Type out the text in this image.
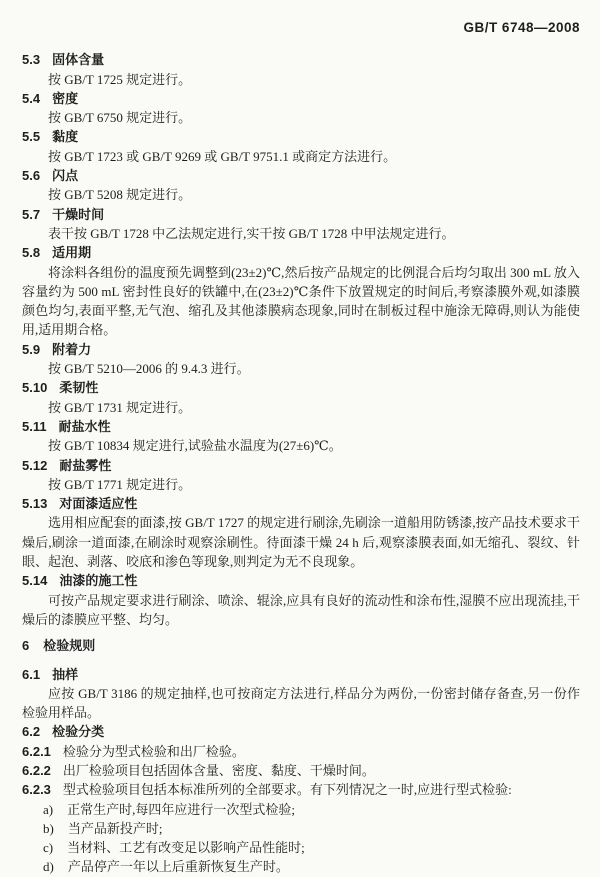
GB/T 6748—2008
5.3 固体含量

按 GB/T 1725 规定进行。

5.4 密度

按 GB/T 6750 规定进行。

5.5 黏度

按 GB/T 1723 或 GB/T 9269 或 GB/T 9751.1 或商定方法进行。

5.6 闪点

按 GB/T 5208 规定进行。

5.7 干燥时间

表干按 GB/T 1728 中乙法规定进行,实干按 GB/T 1728 中甲法规定进行。

5.8 适用期

将涂料各组份的温度预先调整到(23±2)℃,然后按产品规定的比例混合后均匀取出 300 mL 放入容量约为 500 mL 密封性良好的铁罐中,在(23±2)℃条件下放置规定的时间后,考察漆膜外观,如漆膜颜色均匀,表面平整,无气泡、缩孔及其他漆膜病态现象,同时在制板过程中施涂无障碍,则认为能使用,适用期合格。

5.9 附着力

按 GB/T 5210—2006 的 9.4.3 进行。

5.10 柔韧性

按 GB/T 1731 规定进行。

5.11 耐盐水性

按 GB/T 10834 规定进行,试验盐水温度为(27±6)℃。

5.12 耐盐雾性

按 GB/T 1771 规定进行。

5.13 对面漆适应性

选用相应配套的面漆,按 GB/T 1727 的规定进行刷涂,先刷涂一道船用防锈漆,按产品技术要求干燥后,刷涂一道面漆,在刷涂时观察涂刷性。待面漆干燥 24 h 后,观察漆膜表面,如无缩孔、裂纹、针眼、起泡、剥落、咬底和渗色等现象,则判定为无不良现象。

5.14 油漆的施工性

可按产品规定要求进行刷涂、喷涂、辊涂,应具有良好的流动性和涂布性,湿膜不应出现流挂,干燥后的漆膜应平整、均匀。

6 检验规则
6.1 抽样

应按 GB/T 3186 的规定抽样,也可按商定方法进行,样品分为两份,一份密封储存备查,另一份作检验用样品。

6.2 检验分类
6.2.1 检验分为型式检验和出厂检验。
6.2.2 出厂检验项目包括固体含量、密度、黏度、干燥时间。
6.2.3 型式检验项目包括本标准所列的全部要求。有下列情况之一时,应进行型式检验:
a) 正常生产时,每四年应进行一次型式检验;
b) 当产品新投产时;
c) 当材料、工艺有改变足以影响产品性能时;
d) 产品停产一年以上后重新恢复生产时。
